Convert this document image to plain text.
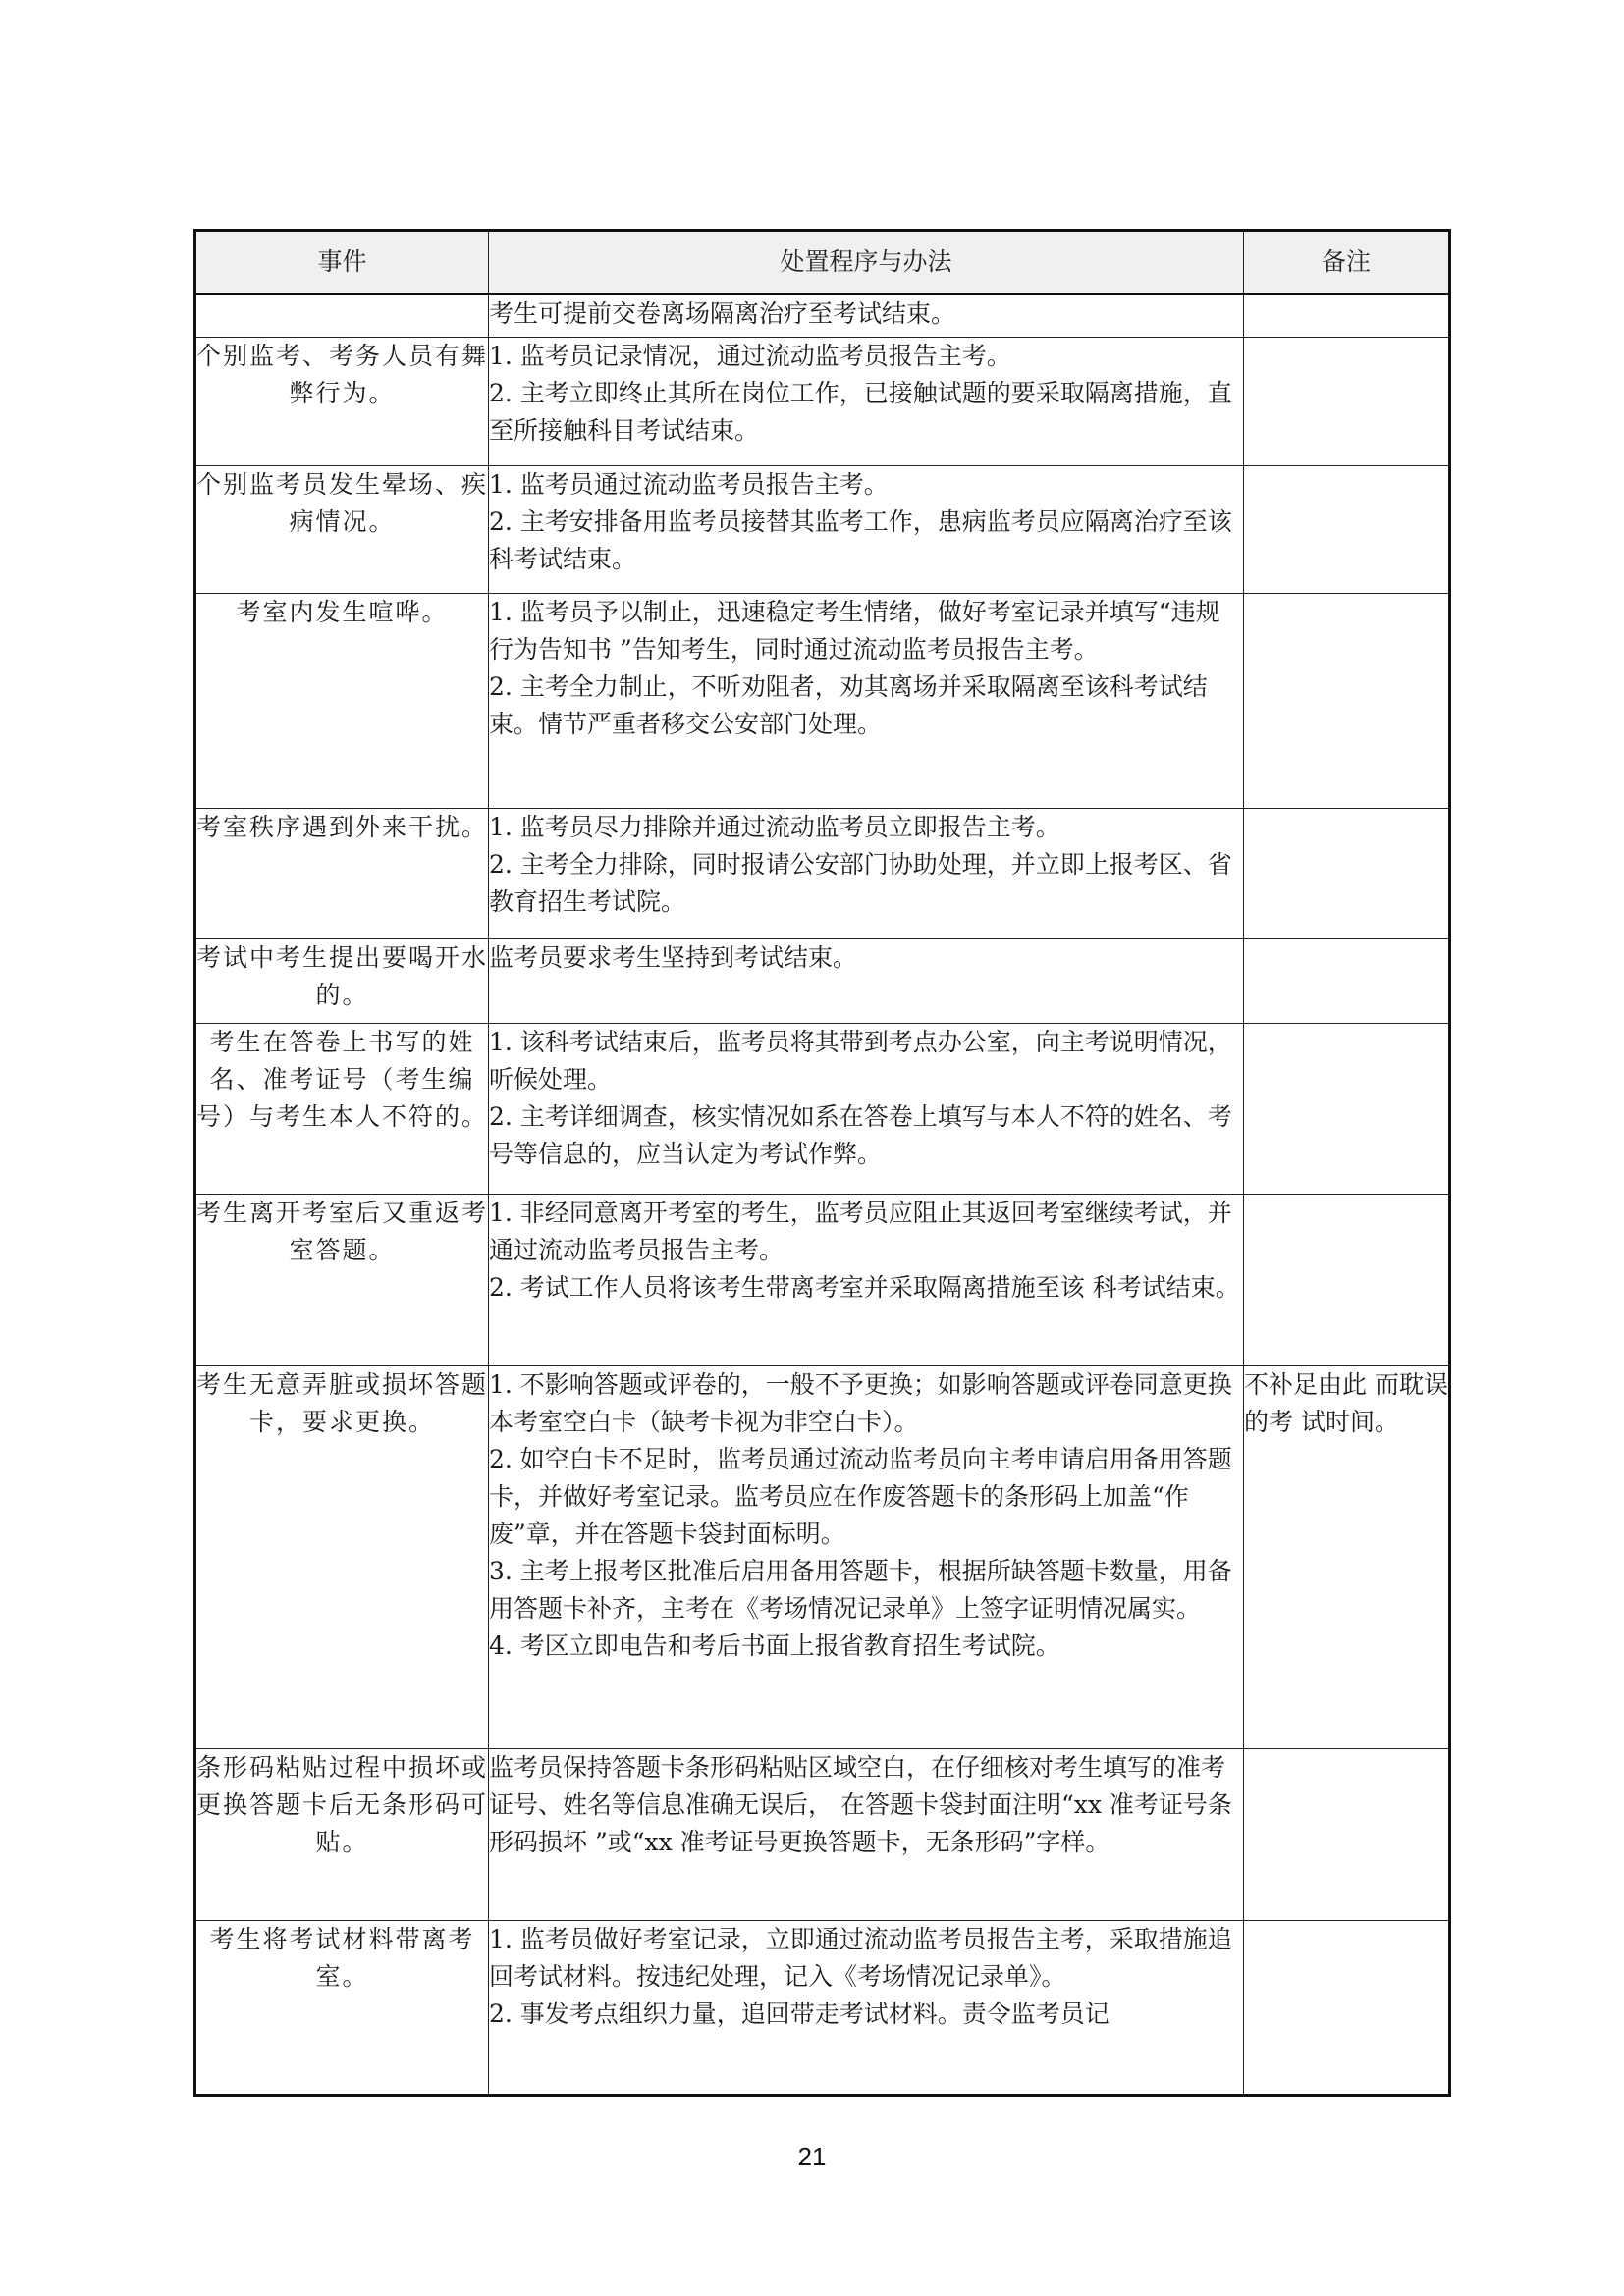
事件	处置程序与办法	备注

	考生可提前交卷离场隔离治疗至考试结束。	

个别监考、考务人员有舞弊行为。	1. 监考员记录情况，通过流动监考员报告主考。
2. 主考立即终止其所在岗位工作，已接触试题的要采取隔离措施，直至所接触科目考试结束。	

个别监考员发生晕场、疾病情况。	1. 监考员通过流动监考员报告主考。
2. 主考安排备用监考员接替其监考工作，患病监考员应隔离治疗至该科考试结束。	

考室内发生喧哗。	1. 监考员予以制止，迅速稳定考生情绪，做好考室记录并填写“违规行为告知书 ”告知考生，同时通过流动监考员报告主考。
2. 主考全力制止，不听劝阻者，劝其离场并采取隔离至该科考试结束。情节严重者移交公安部门处理。	

考室秩序遇到外来干扰。	1. 监考员尽力排除并通过流动监考员立即报告主考。
2. 主考全力排除，同时报请公安部门协助处理，并立即上报考区、省教育招生考试院。	

考试中考生提出要喝开水的。	监考员要求考生坚持到考试结束。	

考生在答卷上书写的姓名、准考证号（考生编号）与考生本人不符的。	1. 该科考试结束后，监考员将其带到考点办公室，向主考说明情况，听候处理。
2. 主考详细调查，核实情况如系在答卷上填写与本人不符的姓名、考号等信息的，应当认定为考试作弊。	

考生离开考室后又重返考室答题。	1. 非经同意离开考室的考生，监考员应阻止其返回考室继续考试，并通过流动监考员报告主考。
2. 考试工作人员将该考生带离考室并采取隔离措施至该 科考试结束。	

考生无意弄脏或损坏答题卡，要求更换。	1. 不影响答题或评卷的，一般不予更换；如影响答题或评卷同意更换本考室空白卡（缺考卡视为非空白卡）。
2. 如空白卡不足时，监考员通过流动监考员向主考申请启用备用答题卡，并做好考室记录。监考员应在作废答题卡的条形码上加盖“作废”章，并在答题卡袋封面标明。
3. 主考上报考区批准后启用备用答题卡，根据所缺答题卡数量，用备用答题卡补齐，主考在《考场情况记录单》上签字证明情况属实。
4. 考区立即电告和考后书面上报省教育招生考试院。	不补足由此 而耽误的考 试时间。
条形码粘贴过程中损坏或更换答题卡后无条形码可贴。	监考员保持答题卡条形码粘贴区域空白，在仔细核对考生填写的准考证号、姓名等信息准确无误后， 在答题卡袋封面注明“xx 准考证号条形码损坏 ”或“xx 准考证号更换答题卡，无条形码”字样。	

考生将考试材料带离考室。	1. 监考员做好考室记录，立即通过流动监考员报告主考，采取措施追回考试材料。按违纪处理，记入《考场情况记录单》。
2. 事发考点组织力量，追回带走考试材料。责令监考员记	

21
